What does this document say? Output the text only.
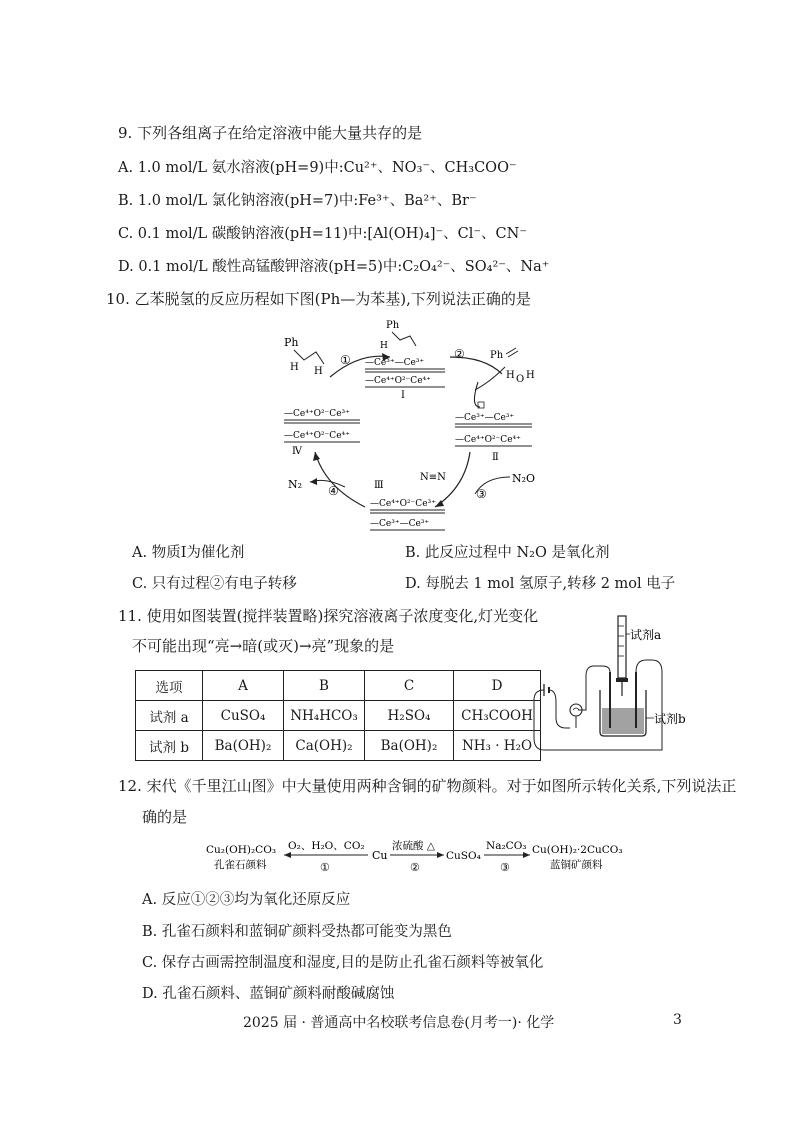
9. 下列各组离子在给定溶液中能大量共存的是
A. 1.0 mol/L 氨水溶液(pH=9)中:Cu²⁺、NO₃⁻、CH₃COO⁻
B. 1.0 mol/L 氯化钠溶液(pH=7)中:Fe³⁺、Ba²⁺、Br⁻
C. 0.1 mol/L 碳酸钠溶液(pH=11)中:[Al(OH)₄]⁻、Cl⁻、CN⁻
D. 0.1 mol/L 酸性高锰酸钾溶液(pH=5)中:C₂O₄²⁻、SO₄²⁻、Na⁺
10. 乙苯脱氢的反应历程如下图(Ph—为苯基),下列说法正确的是
Ph
H H
①
Ph
H
—Ce³⁺—Ce³⁺
—Ce⁴⁺O²⁻Ce⁴⁺
Ⅰ
②	Ph
H O H
—Ce³⁺—Ce³⁺
—Ce⁴⁺O²⁻Ce⁴⁺
Ⅱ
N₂O
③
Ⅲ
N≡N
—Ce⁴⁺O²⁻Ce³⁺
—Ce³⁺—Ce³⁺
④
N₂
—Ce⁴⁺O²⁻Ce³⁺
—Ce⁴⁺O²⁻Ce⁴⁺
Ⅳ
A. 物质Ⅰ为催化剂	B. 此反应过程中 N₂O 是氧化剂
C. 只有过程②有电子转移	D. 每脱去 1 mol 氢原子,转移 2 mol 电子
11. 使用如图装置(搅拌装置略)探究溶液离子浓度变化,灯光变化
不可能出现“亮→暗(或灭)→亮”现象的是
选项	A	B	C	D
试剂 a	CuSO₄	NH₄HCO₃	H₂SO₄	CH₃COOH
试剂 b	Ba(OH)₂	Ca(OH)₂	Ba(OH)₂	NH₃ · H₂O
试剂a
试剂b
12. 宋代《千里江山图》中大量使用两种含铜的矿物颜料。对于如图所示转化关系,下列说法正
确的是
Cu₂(OH)₂CO₃
孔雀石颜料
O₂、H₂O、CO₂
①
Cu
浓硫酸 △
②
CuSO₄
Na₂CO₃
③
Cu(OH)₂·2CuCO₃
蓝铜矿颜料
A. 反应①②③均为氧化还原反应
B. 孔雀石颜料和蓝铜矿颜料受热都可能变为黑色
C. 保存古画需控制温度和湿度,目的是防止孔雀石颜料等被氧化
D. 孔雀石颜料、蓝铜矿颜料耐酸碱腐蚀
2025 届 · 普通高中名校联考信息卷(月考一)· 化学	3
